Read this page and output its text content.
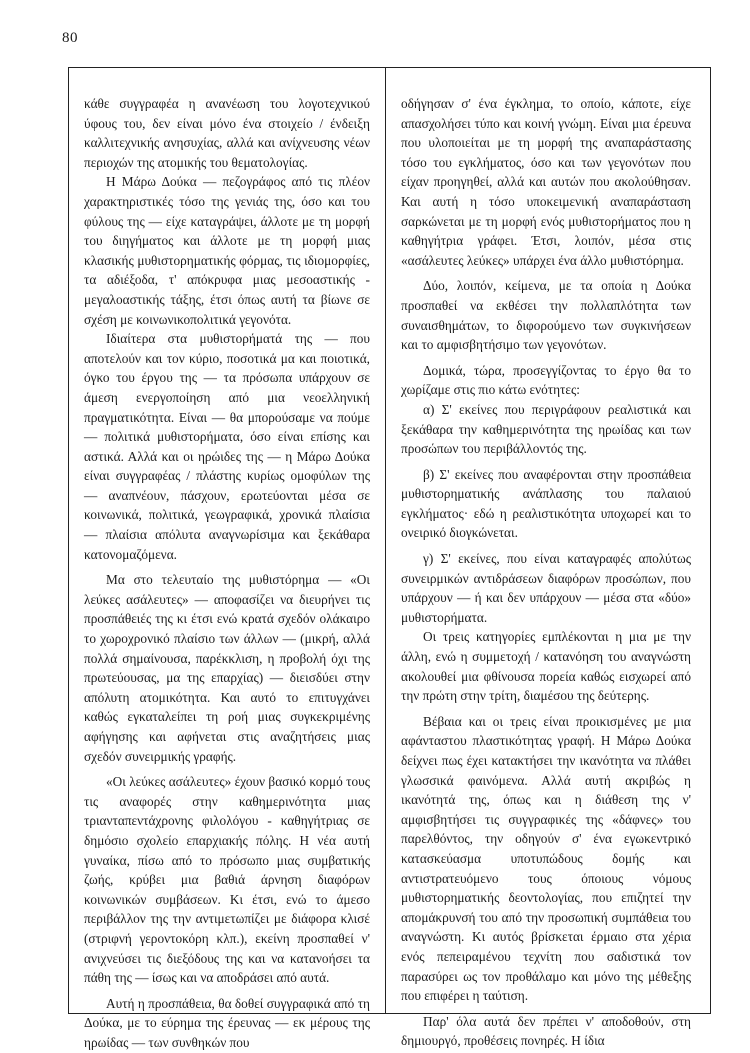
80

κάθε συγγραφέα η ανανέωση του λογοτεχνικού ύφους του, δεν είναι μόνο ένα στοιχείο / ένδειξη καλλιτεχνικής ανησυχίας, αλλά και ανίχνευσης νέων περιοχών της ατομικής του θεματολογίας.

Η Μάρω Δούκα — πεζογράφος από τις πλέον χαρακτηριστικές τόσο της γενιάς της, όσο και του φύλους της — είχε καταγράψει, άλλοτε με τη μορφή του διηγήματος και άλλοτε με τη μορφή μιας κλασικής μυθιστορηματικής φόρμας, τις ιδιομορφίες, τα αδιέξοδα, τ' απόκρυφα μιας μεσοαστικής - μεγαλοαστικής τάξης, έτσι όπως αυτή τα βίωνε σε σχέση με κοινωνικοπολιτικά γεγονότα.

Ιδιαίτερα στα μυθιστορήματά της — που αποτελούν και τον κύριο, ποσοτικά μα και ποιοτικά, όγκο του έργου της — τα πρόσωπα υπάρχουν σε άμεση ενεργοποίηση από μια νεοελληνική πραγματικότητα. Είναι — θα μπορούσαμε να πούμε — πολιτικά μυθιστορήματα, όσο είναι επίσης και αστικά. Αλλά και οι ηρώιδες της — η Μάρω Δούκα είναι συγγραφέας / πλάστης κυρίως ομοφύλων της — αναπνέουν, πάσχουν, ερωτεύονται μέσα σε κοινωνικά, πολιτικά, γεωγραφικά, χρονικά πλαίσια — πλαίσια απόλυτα αναγνωρίσιμα και ξεκάθαρα κατονομαζόμενα.

Μα στο τελευταίο της μυθιστόρημα — «Οι λεύκες ασάλευτες» — αποφασίζει να διευρήνει τις προσπάθειές της κι έτσι ενώ κρατά σχεδόν ολάκαιρο το χωροχρονικό πλαίσιο των άλλων — (μικρή, αλλά πολλά σημαίνουσα, παρέκκλιση, η προβολή όχι της πρωτεύουσας, μα της επαρχίας) — διεισδύει στην απόλυτη ατομικότητα. Και αυτό το επιτυγχάνει καθώς εγκαταλείπει τη ροή μιας συγκεκριμένης αφήγησης και αφήνεται στις αναζητήσεις μιας σχεδόν συνειρμικής γραφής.

«Οι λεύκες ασάλευτες» έχουν βασικό κορμό τους τις αναφορές στην καθημερινότητα μιας τριανταπεντάχρονης φιλολόγου - καθηγήτριας σε δημόσιο σχολείο επαρχιακής πόλης. Η νέα αυτή γυναίκα, πίσω από το πρόσωπο μιας συμβατικής ζωής, κρύβει μια βαθιά άρνηση διαφόρων κοινωνικών συμβάσεων. Κι έτσι, ενώ το άμεσο περιβάλλον της την αντιμετωπίζει με διάφορα κλισέ (στριφνή γεροντοκόρη κλπ.), εκείνη προσπαθεί ν' ανιχνεύσει τις διεξόδους της και να κατανοήσει τα πάθη της — ίσως και να αποδράσει από αυτά.

Αυτή η προσπάθεια, θα δοθεί συγγραφικά από τη Δούκα, με το εύρημα της έρευνας — εκ μέρους της ηρωίδας — των συνθηκών που

οδήγησαν σ' ένα έγκλημα, το οποίο, κάποτε, είχε απασχολήσει τύπο και κοινή γνώμη. Είναι μια έρευνα που υλοποιείται με τη μορφή της αναπαράστασης τόσο του εγκλήματος, όσο και των γεγονότων που είχαν προηγηθεί, αλλά και αυτών που ακολούθησαν. Και αυτή η τόσο υποκειμενική αναπαράσταση σαρκώνεται με τη μορφή ενός μυθιστορήματος που η καθηγήτρια γράφει. Έτσι, λοιπόν, μέσα στις «ασάλευτες λεύκες» υπάρχει ένα άλλο μυθιστόρημα.

Δύο, λοιπόν, κείμενα, με τα οποία η Δούκα προσπαθεί να εκθέσει την πολλαπλότητα των συναισθημάτων, το διφορούμενο των συγκινήσεων και το αμφισβητήσιμο των γεγονότων.

Δομικά, τώρα, προσεγγίζοντας το έργο θα το χωρίζαμε στις πιο κάτω ενότητες:

α) Σ' εκείνες που περιγράφουν ρεαλιστικά και ξεκάθαρα την καθημερινότητα της ηρωίδας και των προσώπων του περιβάλλοντός της.

β) Σ' εκείνες που αναφέρονται στην προσπάθεια μυθιστορηματικής ανάπλασης του παλαιού εγκλήματος· εδώ η ρεαλιστικότητα υποχωρεί και το ονειρικό διογκώνεται.

γ) Σ' εκείνες, που είναι καταγραφές απολύτως συνειρμικών αντιδράσεων διαφόρων προσώπων, που υπάρχουν — ή και δεν υπάρχουν — μέσα στα «δύο» μυθιστορήματα.

Οι τρεις κατηγορίες εμπλέκονται η μια με την άλλη, ενώ η συμμετοχή / κατανόηση του αναγνώστη ακολουθεί μια φθίνουσα πορεία καθώς εισχωρεί από την πρώτη στην τρίτη, διαμέσου της δεύτερης.

Βέβαια και οι τρεις είναι προικισμένες με μια αφάνταστου πλαστικότητας γραφή. Η Μάρω Δούκα δείχνει πως έχει κατακτήσει την ικανότητα να πλάθει γλωσσικά φαινόμενα. Αλλά αυτή ακριβώς η ικανότητά της, όπως και η διάθεση της ν' αμφισβητήσει τις συγγραφικές της «δάφνες» του παρελθόντος, την οδηγούν σ' ένα εγωκεντρικό κατασκεύασμα υποτυπώδους δομής και αντιστρατευόμενο τους όποιους νόμους μυθιστορηματικής δεοντολογίας, που επιζητεί την απομάκρυνσή του από την προσωπική συμπάθεια του αναγνώστη. Κι αυτός βρίσκεται έρμαιο στα χέρια ενός πεπειραμένου τεχνίτη που σαδιστικά τον παρασύρει ως τον προθάλαμο και μόνο της μέθεξης που επιφέρει η ταύτιση.

Παρ' όλα αυτά δεν πρέπει ν' αποδοθούν, στη δημιουργό, προθέσεις πονηρές. Η ίδια
